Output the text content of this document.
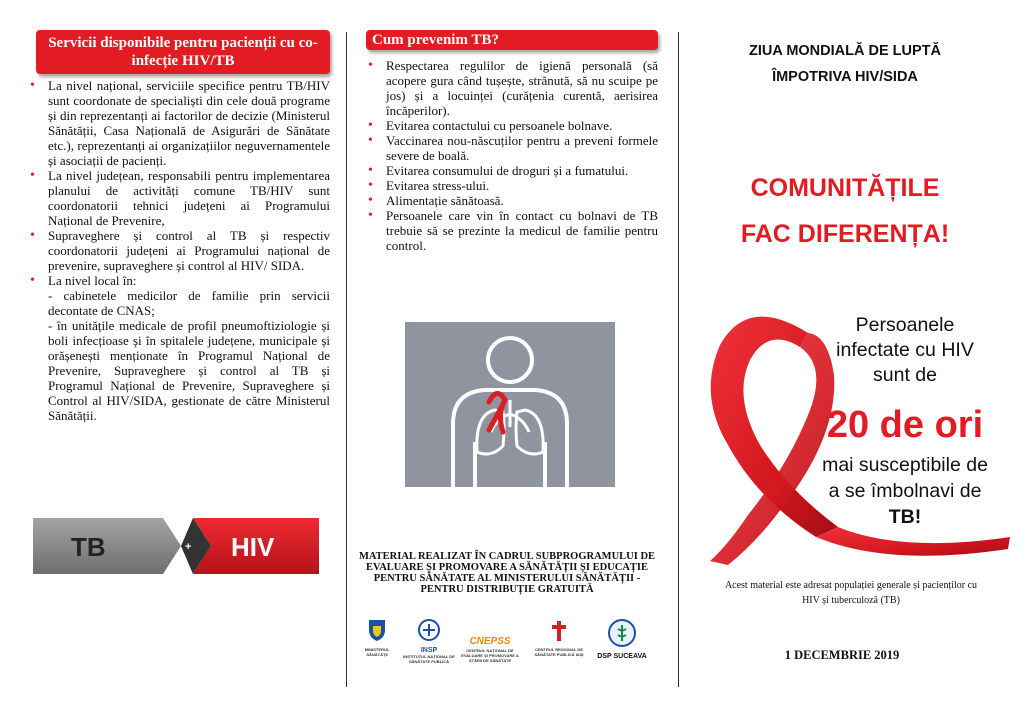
Servicii disponibile pentru pacienții cu co-infecție HIV/TB
• La nivel național, serviciile specifice pentru TB/HIV sunt coordonate de specialiști din cele două programe și din reprezentanți ai factorilor de decizie (Ministerul Sănătății, Casa Națională de Asigurări de Sănătate etc.), reprezentanți ai organizațiilor neguvernamentele și asociații de pacienți.
• La nivel județean, responsabili pentru implementarea planului de activități comune TB/HIV sunt coordonatorii tehnici județeni ai Programului Național de Prevenire,
• Supraveghere și control al TB și respectiv coordonatorii județeni ai Programului național de prevenire, supraveghere și control al HIV/ SIDA.
• La nivel local în:
- cabinetele medicilor de familie prin servicii decontate de CNAS;
- în unitățile medicale de profil pneumoftiziologie și boli infecțioase și în spitalele județene, municipale și orășenești menționate în Programul Național de Prevenire, Supraveghere și control al TB și Programul Național de Prevenire, Supraveghere și Control al HIV/SIDA, gestionate de către Ministerul Sănătății.
+
TB	HIV
Cum prevenim TB?
• Respectarea regulilor de igienă personală (să acopere gura când tușește, strănută, să nu scuipe pe jos) și a locuinței (curățenia curentă, aerisirea încăperilor).
• Evitarea contactului cu persoanele bolnave.
• Vaccinarea nou-născuților pentru a preveni formele severe de boală.
• Evitarea consumului de droguri și a fumatului.
• Evitarea stress-ului.
• Alimentație sănătoasă.
• Persoanele care vin în contact cu bolnavi de TB trebuie să se prezinte la medicul de familie pentru control.
MATERIAL REALIZAT ÎN CADRUL SUBPROGRAMULUI DE EVALUARE ȘI PROMOVARE A SĂNĂTĂȚII ȘI EDUCAȚIE PENTRU SĂNĂTATE AL MINISTERULUI SĂNĂTĂȚII - PENTRU DISTRIBUȚIE GRATUITĂ
MINISTERUL SĂNĂTĂȚII
INSP
INSTITUTUL NAȚIONAL DE SĂNĂTATE PUBLICĂ
CNEPSS
CENTRUL NAȚIONAL DE EVALUARE ȘI PROMOVARE A STĂRII DE SĂNĂTATE
CENTRUL REGIONAL DE SĂNĂTATE PUBLICĂ IAȘI	DSP SUCEAVA
ZIUA MONDIALĂ DE LUPTĂ
ÎMPOTRIVA HIV/SIDA
COMUNITĂȚILE
FAC DIFERENȚA!
Persoanele
infectate cu HIV
sunt de
20 de ori
mai susceptibile de
a se îmbolnavi de
TB!
Acest material este adresat populației generale și pacienților cu
HIV și tuberculoză (TB)
1 DECEMBRIE 2019
